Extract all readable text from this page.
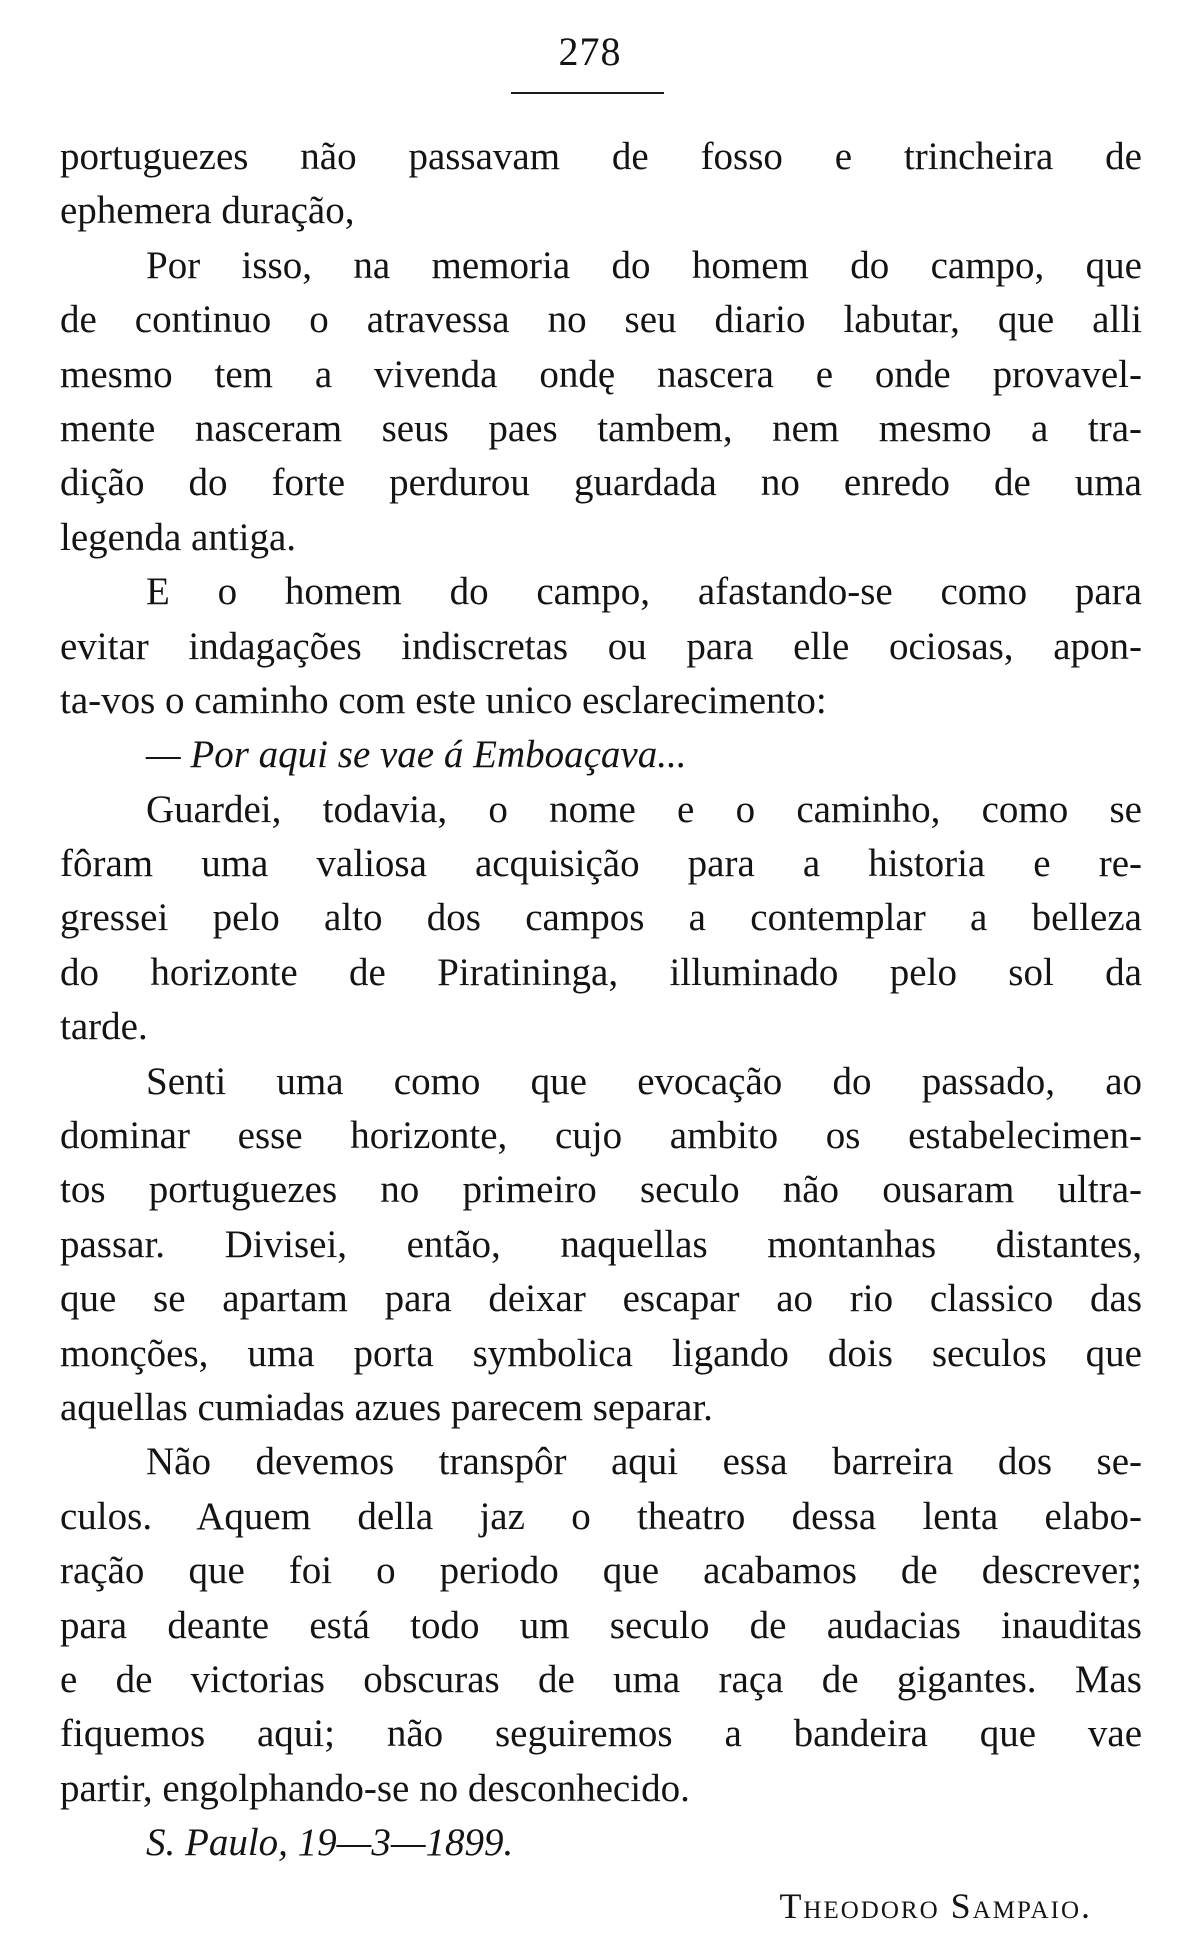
278
portuguezes não passavam de fosso e trincheira de
ephemera duração,
Por isso, na memoria do homem do campo, que
de continuo o atravessa no seu diario labutar, que alli
mesmo tem a vivenda ondę nascera e onde provavel-
mente nasceram seus paes tambem, nem mesmo a tra-
dição do forte perdurou guardada no enredo de uma
legenda antiga.
E o homem do campo, afastando-se como para
evitar indagações indiscretas ou para elle ociosas, apon-
ta-vos o caminho com este unico esclarecimento:
— Por aqui se vae á Emboaçava...
Guardei, todavia, o nome e o caminho, como se
fôram uma valiosa acquisição para a historia e re-
gressei pelo alto dos campos a contemplar a belleza
do horizonte de Piratininga, illuminado pelo sol da
tarde.
Senti uma como que evocação do passado, ao
dominar esse horizonte, cujo ambito os estabelecimen-
tos portuguezes no primeiro seculo não ousaram ultra-
passar. Divisei, então, naquellas montanhas distantes,
que se apartam para deixar escapar ao rio classico das
monções, uma porta symbolica ligando dois seculos que
aquellas cumiadas azues parecem separar.
Não devemos transpôr aqui essa barreira dos se-
culos. Aquem della jaz o theatro dessa lenta elabo-
ração que foi o periodo que acabamos de descrever;
para deante está todo um seculo de audacias inauditas
e de victorias obscuras de uma raça de gigantes. Mas
fiquemos aqui; não seguiremos a bandeira que vae
partir, engolphando-se no desconhecido.
S. Paulo, 19—3—1899.
Theodoro Sampaio.
